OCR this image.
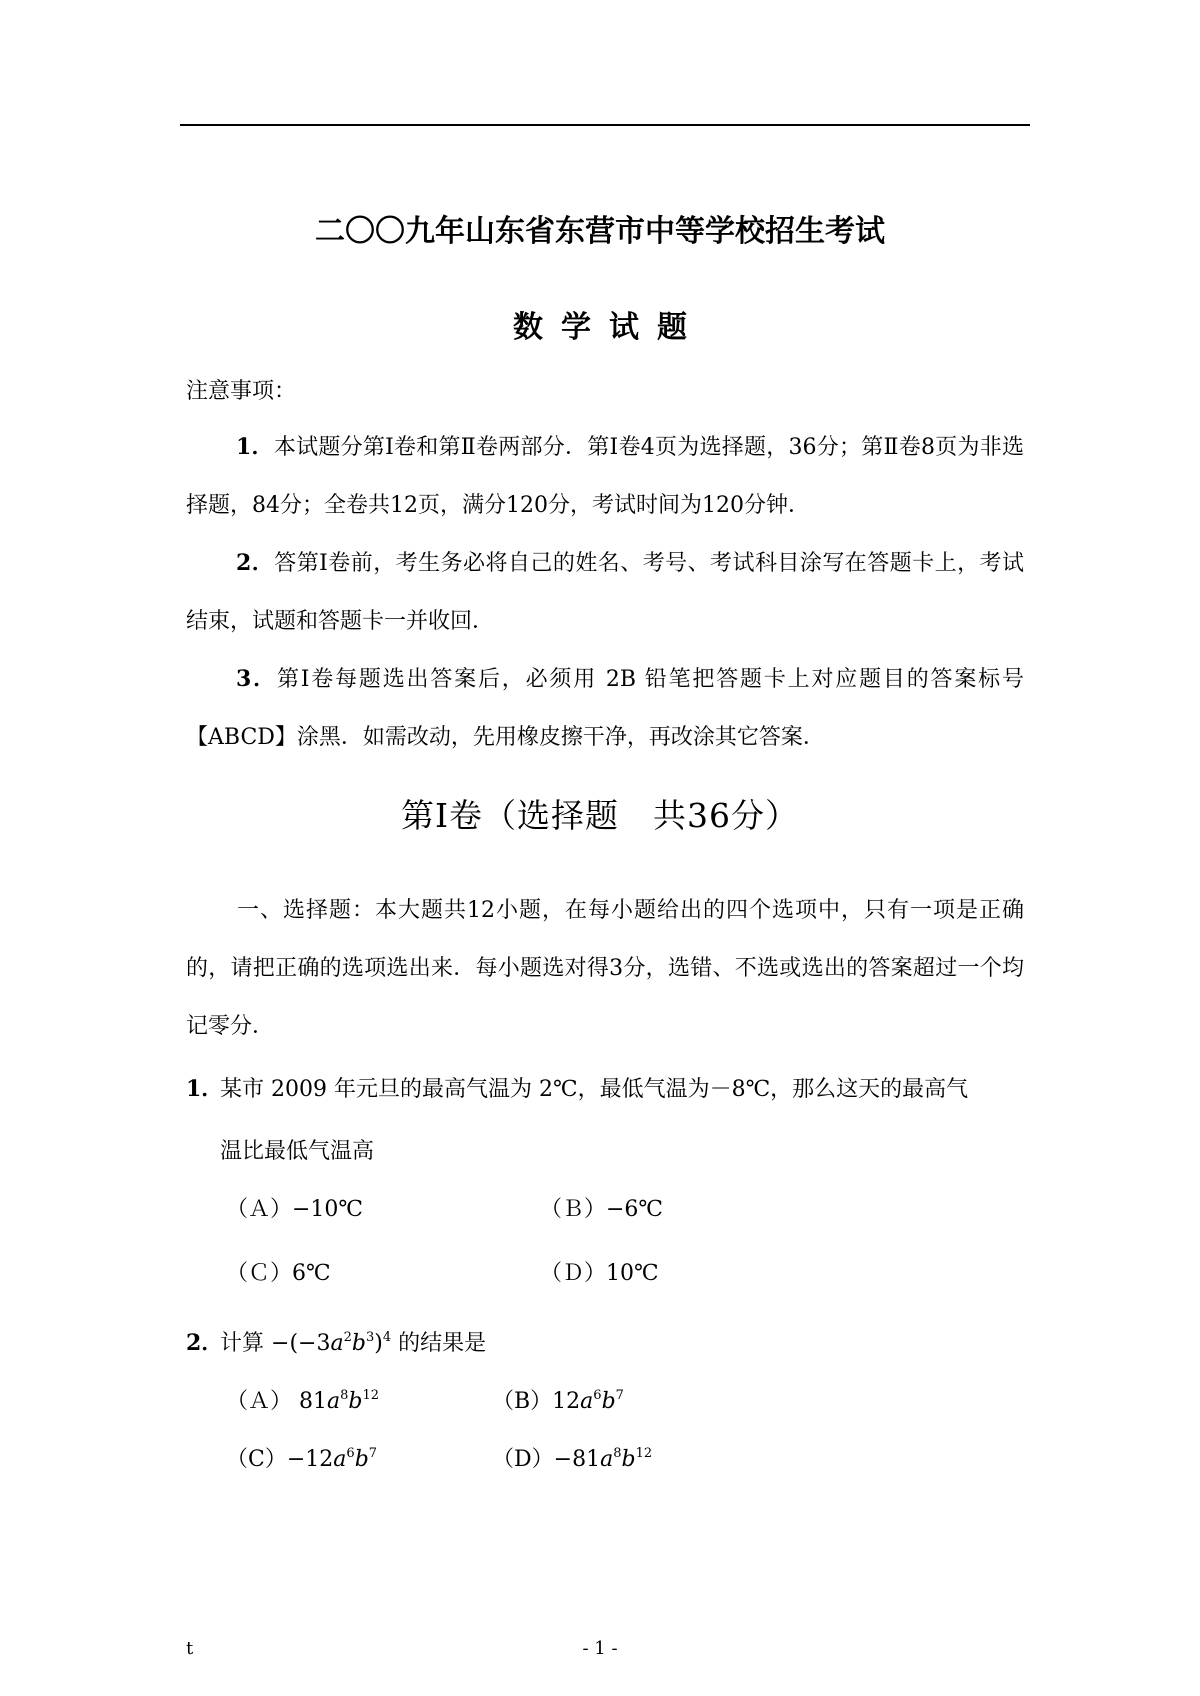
二〇〇九年山东省东营市中等学校招生考试
数学试题
注意事项：
1．本试题分第Ⅰ卷和第Ⅱ卷两部分．第Ⅰ卷4页为选择题，36分；第Ⅱ卷8页为非选择题，84分；全卷共12页，满分120分，考试时间为120分钟．
2．答第Ⅰ卷前，考生务必将自己的姓名、考号、考试科目涂写在答题卡上，考试结束，试题和答题卡一并收回．
3．第Ⅰ卷每题选出答案后，必须用 2B 铅笔把答题卡上对应题目的答案标号【ABCD】涂黑．如需改动，先用橡皮擦干净，再改涂其它答案．
第Ⅰ卷（选择题　共36分）
一、选择题：本大题共12小题，在每小题给出的四个选项中，只有一项是正确的，请把正确的选项选出来．每小题选对得3分，选错、不选或选出的答案超过一个均记零分．
1．某市 2009 年元旦的最高气温为 2℃，最低气温为－8℃，那么这天的最高气
温比最低气温高
（Ａ）−10℃	（Ｂ）−6℃
（Ｃ）6℃	（Ｄ）10℃
2．计算 $-(-3a^2b^3)^4$ 的结果是
（Ａ） $81a^8b^{12}$	$(B)12a^6b^7$
$(C)-12a^6b^7$	$(D)-81a^8b^{12}$
t	- 1 -
